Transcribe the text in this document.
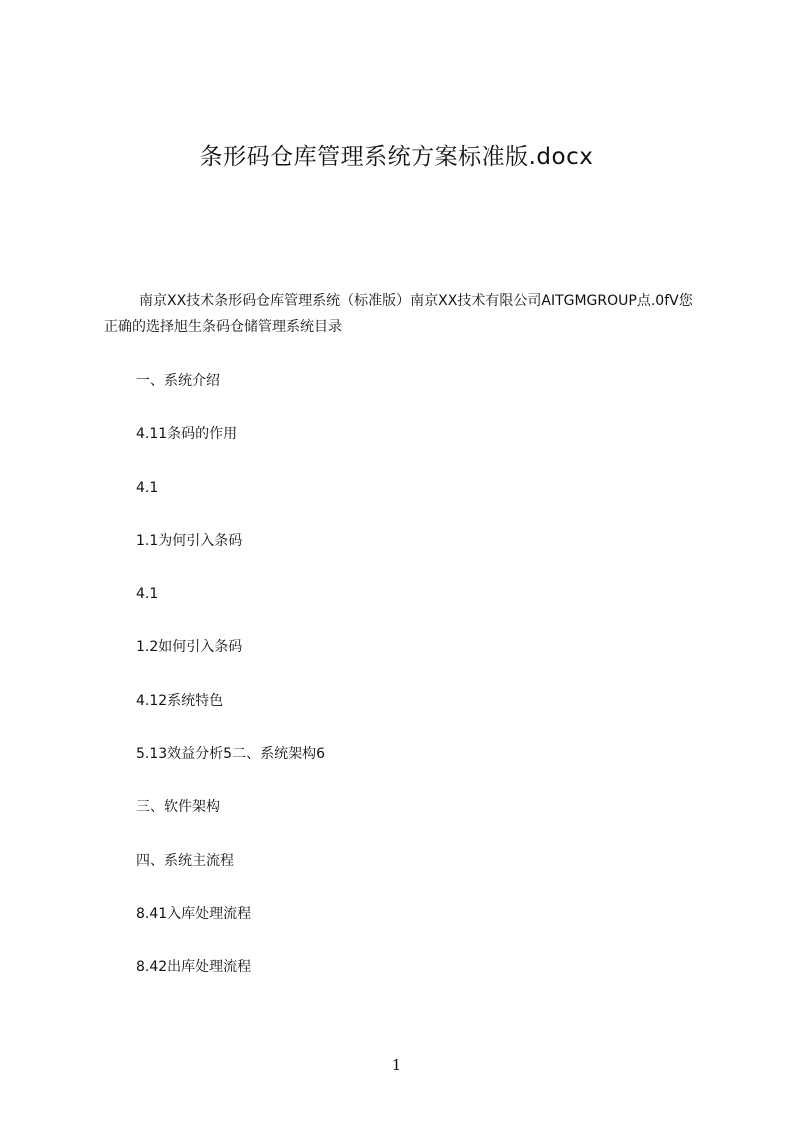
条形码仓库管理系统方案标准版.docx

南京XX技术条形码仓库管理系统（标准版）南京XX技术有限公司AITGMGROUP点.0fV您正确的选择旭生条码仓储管理系统目录

一、系统介绍
4.11条码的作用
4.1
1.1为何引入条码
4.1
1.2如何引入条码
4.12系统特色
5.13效益分析5二、系统架构6
三、软件架构
四、系统主流程
8.41入库处理流程
8.42出库处理流程
1
